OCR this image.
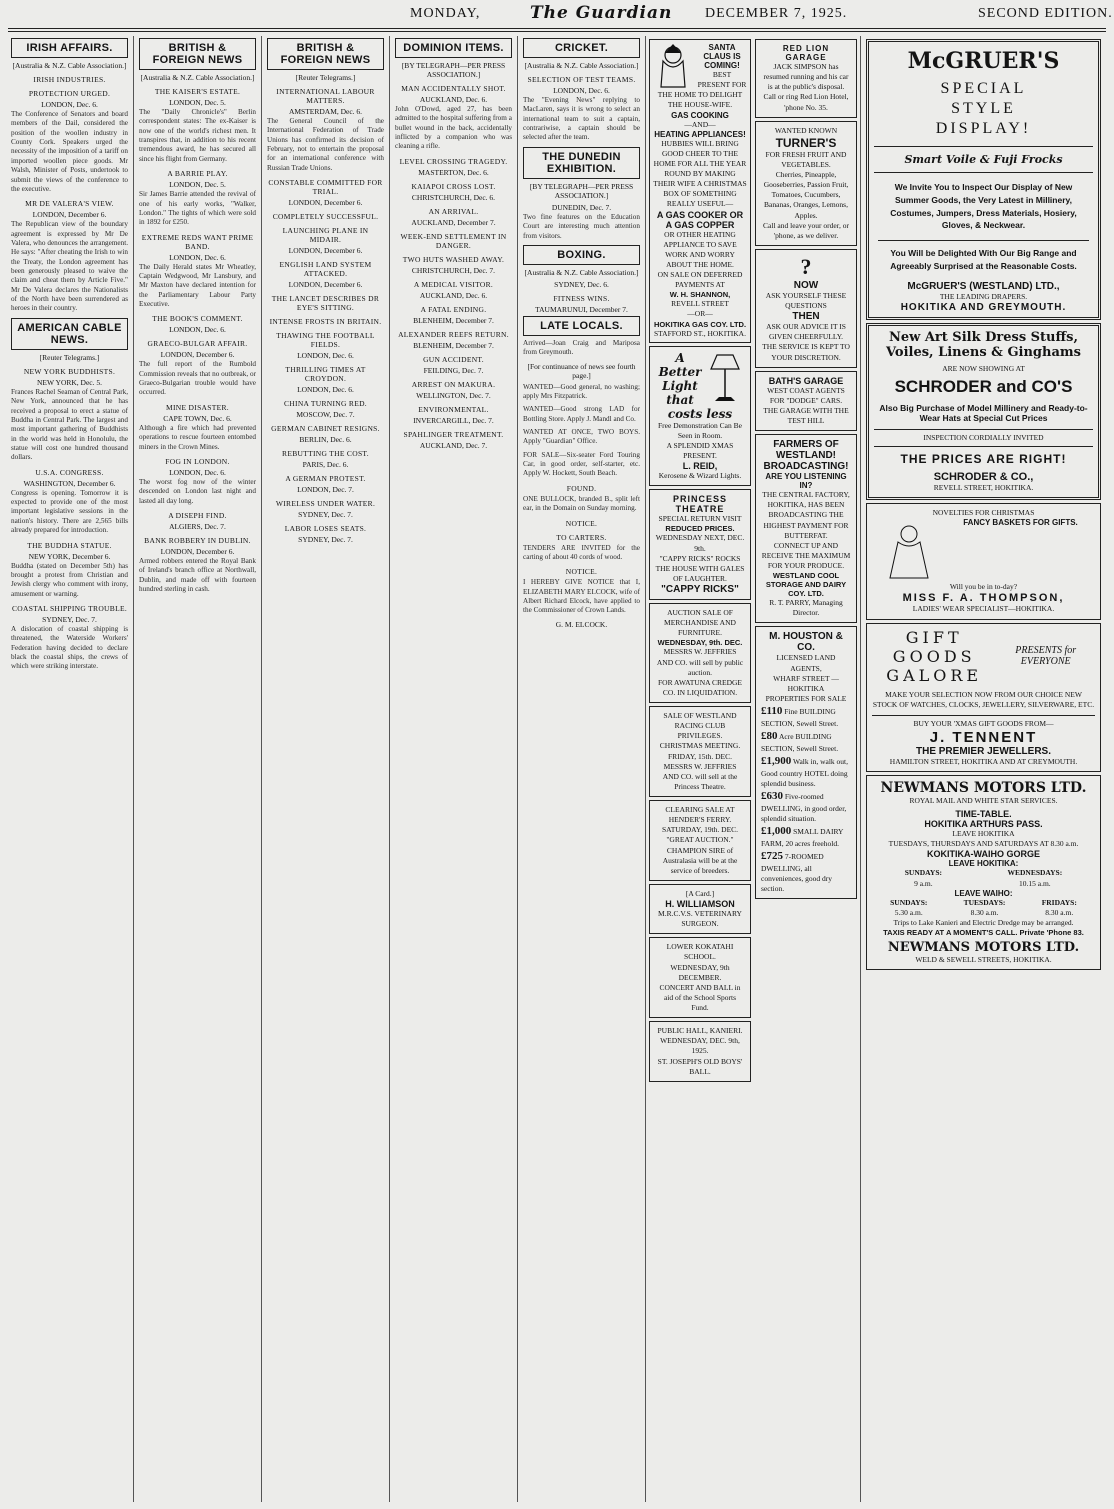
MONDAY,	The Guardian DECEMBER 7, 1925.	SECOND EDITION.
IRISH AFFAIRS.
[Australia & N.Z. Cable Association.]
IRISH INDUSTRIES.
PROTECTION URGED.
LONDON, Dec. 6.

The Conference of Senators and board members of the Dail, considered the position of the woollen industry in County Cork. Speakers urged the necessity of the imposition of a tariff on imported woollen piece goods. Mr Walsh, Minister of Posts, undertook to submit the views of the conference to the executive.

MR DE VALERA'S VIEW.
LONDON, December 6.

The Republican view of the boundary agreement is expressed by Mr De Valera, who denounces the arrangement. He says: "After cheating the Irish to win the Treaty, the London agreement has been generously pleased to waive the claim and cheat them by Article Five." Mr De Valera declares the Nationalists of the North have been surrendered as heroes in their country.

AMERICAN CABLE NEWS.
[Reuter Telegrams.]
NEW YORK BUDDHISTS.
NEW YORK, Dec. 5.

Frances Rachel Seaman of Central Park, New York, announced that he has received a proposal to erect a statue of Buddha in Central Park. The largest and most important gathering of Buddhists in the world was held in Honolulu, the statue will cost one hundred thousand dollars.

U.S.A. CONGRESS.
WASHINGTON, December 6.

Congress is opening. Tomorrow it is expected to provide one of the most important legislative sessions in the nation's history. There are 2,565 bills already prepared for introduction.

THE BUDDHA STATUE.
NEW YORK, December 6.

Buddha (stated on December 5th) has brought a protest from Christian and Jewish clergy who comment with irony, amusement or warning.

COASTAL SHIPPING TROUBLE.
SYDNEY, Dec. 7.

A dislocation of coastal shipping is threatened, the Waterside Workers' Federation having decided to declare black the coastal ships, the crews of which were striking interstate.

BRITISH & FOREIGN NEWS
[Australia & N.Z. Cable Association.]
THE KAISER'S ESTATE.
LONDON, Dec. 5.

The "Daily Chronicle's" Berlin correspondent states: The ex-Kaiser is now one of the world's richest men. It transpires that, in addition to his recent tremendous award, he has secured all since his flight from Germany.

A BARRIE PLAY.
LONDON, Dec. 5.

Sir James Barrie attended the revival of one of his early works, "Walker, London." The tights of which were sold in 1892 for £250.

EXTREME REDS WANT PRIME BAND.
LONDON, Dec. 6.

The Daily Herald states Mr Wheatley, Captain Wedgwood, Mr Lansbury, and Mr Maxton have declared intention for the Parliamentary Labour Party Executive.

THE BOOK'S COMMENT.
LONDON, Dec. 6.
GRAECO-BULGAR AFFAIR.
LONDON, December 6.

The full report of the Rumbold Commission reveals that no outbreak, or Graeco-Bulgarian trouble would have occurred.

MINE DISASTER.
CAPE TOWN, Dec. 6.

Although a fire which had prevented operations to rescue fourteen entombed miners in the Crown Mines.

FOG IN LONDON.
LONDON, Dec. 6.

The worst fog now of the winter descended on London last night and lasted all day long.

A DISEPH FIND.
ALGIERS, Dec. 7.
BANK ROBBERY IN DUBLIN.
LONDON, December 6.

Armed robbers entered the Royal Bank of Ireland's branch office at Northwall, Dublin, and made off with fourteen hundred sterling in cash.

BRITISH & FOREIGN NEWS
[Reuter Telegrams.]
INTERNATIONAL LABOUR MATTERS.
AMSTERDAM, Dec. 6.

The General Council of the International Federation of Trade Unions has confirmed its decision of February, not to entertain the proposal for an international conference with Russian Trade Unions.

CONSTABLE COMMITTED FOR TRIAL.
LONDON, December 6.
COMPLETELY SUCCESSFUL.
LAUNCHING PLANE IN MIDAIR.
LONDON, December 6.
ENGLISH LAND SYSTEM ATTACKED.
LONDON, December 6.
THE LANCET DESCRIBES DR EYE'S SITTING.
INTENSE FROSTS IN BRITAIN.
THAWING THE FOOTBALL FIELDS.
LONDON, Dec. 6.
THRILLING TIMES AT CROYDON.
LONDON, Dec. 6.
CHINA TURNING RED.
MOSCOW, Dec. 7.
GERMAN CABINET RESIGNS.
BERLIN, Dec. 6.
REBUTTING THE COST.
PARIS, Dec. 6.
A GERMAN PROTEST.
LONDON, Dec. 7.
WIRELESS UNDER WATER.
SYDNEY, Dec. 7.
LABOR LOSES SEATS.
SYDNEY, Dec. 7.
DOMINION ITEMS.
[BY TELEGRAPH—PER PRESS ASSOCIATION.]
MAN ACCIDENTALLY SHOT.
AUCKLAND, Dec. 6.

John O'Dowd, aged 27, has been admitted to the hospital suffering from a bullet wound in the back, accidentally inflicted by a companion who was cleaning a rifle.

LEVEL CROSSING TRAGEDY.
MASTERTON, Dec. 6.
KAIAPOI CROSS LOST.
CHRISTCHURCH, Dec. 6.
AN ARRIVAL.
AUCKLAND, December 7.
WEEK-END SETTLEMENT IN DANGER.
TWO HUTS WASHED AWAY.
CHRISTCHURCH, Dec. 7.
A MEDICAL VISITOR.
AUCKLAND, Dec. 6.
A FATAL ENDING.
BLENHEIM, December 7.
ALEXANDER REEFS RETURN.
BLENHEIM, December 7.
GUN ACCIDENT.
FEILDING, Dec. 7.
ARREST ON MAKURA.
WELLINGTON, Dec. 7.
ENVIRONMENTAL.
INVERCARGILL, Dec. 7.
SPAHLINGER TREATMENT.
AUCKLAND, Dec. 7.
CRICKET.
[Australia & N.Z. Cable Association.]
SELECTION OF TEST TEAMS.
LONDON, Dec. 6.

The "Evening News" replying to MacLaren, says it is wrong to select an international team to suit a captain, contrariwise, a captain should be selected after the team.

THE DUNEDIN EXHIBITION.
[BY TELEGRAPH—PER PRESS ASSOCIATION.]
DUNEDIN, Dec. 7.

Two fine features on the Education Court are interesting much attention from visitors.

BOXING.
[Australia & N.Z. Cable Association.]
SYDNEY, Dec. 6.
FITNESS WINS.
TAUMARUNUI, December 7.
LATE LOCALS.

Arrived—Joan Craig and Mariposa from Greymouth.

[For continuance of news see fourth page.]

WANTED—Good general, no washing; apply Mrs Fitzpatrick.

WANTED—Good strong LAD for Bottling Store. Apply J. Mandl and Co.

WANTED AT ONCE, TWO BOYS. Apply "Guardian" Office.

FOR SALE—Six-seater Ford Touring Car, in good order, self-starter, etc. Apply W. Hockett, South Beach.

FOUND.

ONE BULLOCK, branded B., split left ear, in the Domain on Sunday morning.

NOTICE.
TO CARTERS.

TENDERS ARE INVITED for the carting of about 40 cords of wood.

NOTICE.

I HEREBY GIVE NOTICE that I, ELIZABETH MARY ELCOCK, wife of Albert Richard Elcock, have applied to the Commissioner of Crown Lands.

G. M. ELCOCK.
SANTA CLAUS IS COMING!
BEST PRESENT FOR THE HOME TO DELIGHT THE HOUSE-WIFE.
GAS COOKING
—AND—
HEATING APPLIANCES!
HUBBIES WILL BRING GOOD CHEER TO THE HOME FOR ALL THE YEAR ROUND BY MAKING THEIR WIFE A CHRISTMAS BOX OF SOMETHING REALLY USEFUL—
A GAS COOKER OR A GAS COPPER
OR OTHER HEATING APPLIANCE TO SAVE WORK AND WORRY ABOUT THE HOME.
ON SALE ON DEFERRED PAYMENTS AT
W. H. SHANNON,
REVELL STREET
—OR—
HOKITIKA GAS COY. LTD.
STAFFORD ST., HOKITIKA.
A Better Light
that costs less
Free Demonstration Can Be Seen in Room.
A SPLENDID XMAS PRESENT.
L. REID,
Kerosene & Wizard Lights.
PRINCESS THEATRE
SPECIAL RETURN VISIT
REDUCED PRICES.
WEDNESDAY NEXT, DEC. 9th.
"CAPPY RICKS" ROCKS THE HOUSE WITH GALES OF LAUGHTER.
"CAPPY RICKS"
AUCTION SALE OF MERCHANDISE AND FURNITURE.
WEDNESDAY, 9th. DEC.
MESSRS W. JEFFRIES AND CO. will sell by public auction.
FOR AWATUNA CREDGE CO. IN LIQUIDATION.
SALE OF WESTLAND RACING CLUB PRIVILEGES.
CHRISTMAS MEETING.
FRIDAY, 15th. DEC.
MESSRS W. JEFFRIES AND CO. will sell at the Princess Theatre.
CLEARING SALE AT HENDER'S FERRY.
SATURDAY, 19th. DEC.
"GREAT AUCTION."
CHAMPION SIRE of Australasia will be at the service of breeders.
[A Card.]
H. WILLIAMSON
M.R.C.V.S. VETERINARY SURGEON.
LOWER KOKATAHI SCHOOL.
WEDNESDAY, 9th DECEMBER.
CONCERT AND BALL in aid of the School Sports Fund.
PUBLIC HALL, KANIERI.
WEDNESDAY, DEC. 9th, 1925.
ST. JOSEPH'S OLD BOYS' BALL.
RED LION GARAGE
JACK SIMPSON has resumed running and his car is at the public's disposal.
Call or ring Red Lion Hotel, 'phone No. 35.
WANTED KNOWN
TURNER'S
FOR FRESH FRUIT AND VEGETABLES.
Cherries, Pineapple, Gooseberries, Passion Fruit, Tomatoes, Cucumbers, Bananas, Oranges, Lemons, Apples.
Call and leave your order, or 'phone, as we deliver.
?
NOW
ASK YOURSELF THESE QUESTIONS
THEN
ASK OUR ADVICE IT IS GIVEN CHEERFULLY. THE SERVICE IS KEPT TO YOUR DISCRETION.
BATH'S GARAGE
WEST COAST AGENTS FOR "DODGE" CARS.
THE GARAGE WITH THE TEST HILL
FARMERS OF WESTLAND!
BROADCASTING!
ARE YOU LISTENING IN?
THE CENTRAL FACTORY, HOKITIKA, HAS BEEN BROADCASTING THE HIGHEST PAYMENT FOR BUTTERFAT.
CONNECT UP AND RECEIVE THE MAXIMUM FOR YOUR PRODUCE.
WESTLAND COOL STORAGE AND DAIRY COY. LTD.
R. T. PARRY, Managing Director.
M. HOUSTON & CO.
LICENSED LAND AGENTS,
WHARF STREET — HOKITIKA
PROPERTIES FOR SALE
£110 Fine BUILDING SECTION, Sewell Street.
£80 Acre BUILDING SECTION, Sewell Street.
£1,900 Walk in, walk out, Good country HOTEL doing splendid business.
£630 Five-roomed DWELLING, in good order, splendid situation.
£1,000 SMALL DAIRY FARM, 20 acres freehold.
£725 7-ROOMED DWELLING, all conveniences, good dry section.
McGRUER'S
SPECIAL
STYLE
DISPLAY!
Smart Voile & Fuji Frocks
We Invite You to Inspect Our Display of New Summer Goods, the Very Latest in Millinery, Costumes, Jumpers, Dress Materials, Hosiery, Gloves, & Neckwear.
You Will be Delighted With Our Big Range and Agreeably Surprised at the Reasonable Costs.
McGRUER'S (WESTLAND) LTD.,
THE LEADING DRAPERS.
HOKITIKA AND GREYMOUTH.
New Art Silk Dress Stuffs, Voiles, Linens & Ginghams
ARE NOW SHOWING AT
SCHRODER and CO'S
Also Big Purchase of Model Millinery and Ready-to-Wear Hats at Special Cut Prices
INSPECTION CORDIALLY INVITED
THE PRICES ARE RIGHT!
SCHRODER & CO.,
REVELL STREET, HOKITIKA.
NOVELTIES FOR CHRISTMAS
FANCY BASKETS FOR GIFTS.
Will you be in to-day?
MISS F. A. THOMPSON,
LADIES' WEAR SPECIALIST—HOKITIKA.
GIFT
GOODS
GALORE
PRESENTS for EVERYONE
MAKE YOUR SELECTION NOW FROM OUR CHOICE NEW STOCK OF WATCHES, CLOCKS, JEWELLERY, SILVERWARE, ETC.
BUY YOUR 'XMAS GIFT GOODS FROM—
J. TENNENT
THE PREMIER JEWELLERS.
HAMILTON STREET, HOKITIKA AND AT CREYMOUTH.
NEWMANS MOTORS LTD.
ROYAL MAIL AND WHITE STAR SERVICES.
TIME-TABLE.
HOKITIKA ARTHURS PASS.
LEAVE HOKITIKA
TUESDAYS, THURSDAYS AND SATURDAYS AT 8.30 a.m.
KOKITIKA-WAIHO GORGE
LEAVE HOKITIKA:
SUNDAYS:
9 a.m.
WEDNESDAYS:
10.15 a.m.
LEAVE WAIHO:
SUNDAYS:
5.30 a.m.
TUESDAYS:
8.30 a.m.
FRIDAYS:
8.30 a.m.
Trips to Lake Kanieri and Electric Dredge may be arranged.
TAXIS READY AT A MOMENT'S CALL. Private 'Phone 83.
NEWMANS MOTORS LTD.
WELD & SEWELL STREETS, HOKITIKA.
